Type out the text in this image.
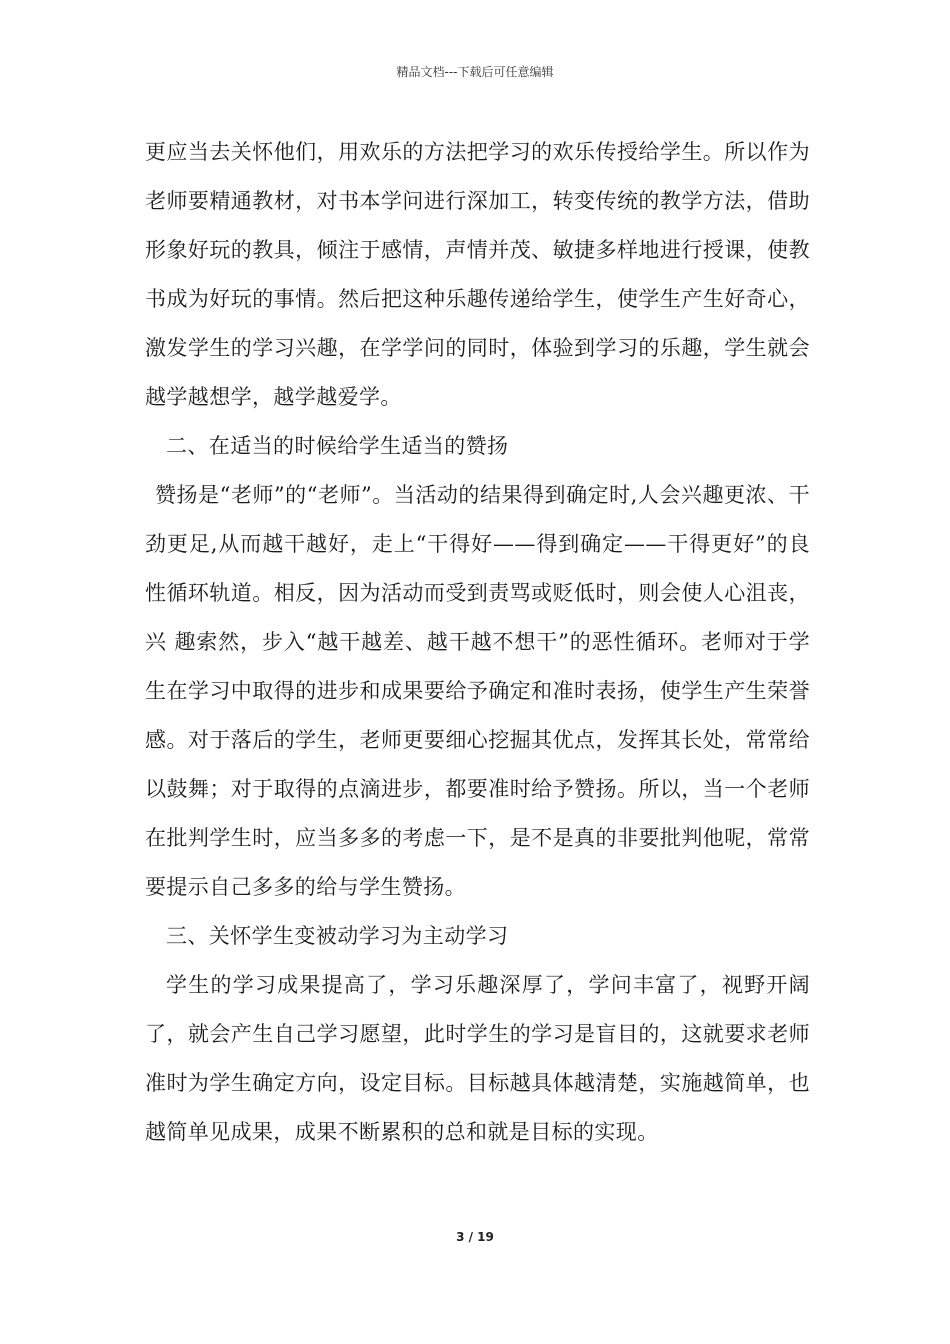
精品文档---下载后可任意编辑

更应当去关怀他们，用欢乐的方法把学习的欢乐传授给学生。所以作为老师要精通教材，对书本学问进行深加工，转变传统的教学方法，借助形象好玩的教具，倾注于感情，声情并茂、敏捷多样地进行授课，使教书成为好玩的事情。然后把这种乐趣传递给学生，使学生产生好奇心，激发学生的学习兴趣，在学学问的同时，体验到学习的乐趣，学生就会越学越想学，越学越爱学。

二、在适当的时候给学生适当的赞扬

赞扬是“老师”的“老师”。当活动的结果得到确定时,人会兴趣更浓、干劲更足,从而越干越好，走上“干得好——得到确定——干得更好”的良性循环轨道。相反，因为活动而受到责骂或贬低时，则会使人心沮丧，兴 趣索然，步入“越干越差、越干越不想干”的恶性循环。老师对于学生在学习中取得的进步和成果要给予确定和准时表扬，使学生产生荣誉感。对于落后的学生，老师更要细心挖掘其优点，发挥其长处，常常给以鼓舞；对于取得的点滴进步，都要准时给予赞扬。所以，当一个老师在批判学生时，应当多多的考虑一下，是不是真的非要批判他呢，常常要提示自己多多的给与学生赞扬。

三、关怀学生变被动学习为主动学习

学生的学习成果提高了，学习乐趣深厚了，学问丰富了，视野开阔了，就会产生自己学习愿望，此时学生的学习是盲目的，这就要求老师准时为学生确定方向，设定目标。目标越具体越清楚，实施越简单，也越简单见成果，成果不断累积的总和就是目标的实现。

3 / 19
